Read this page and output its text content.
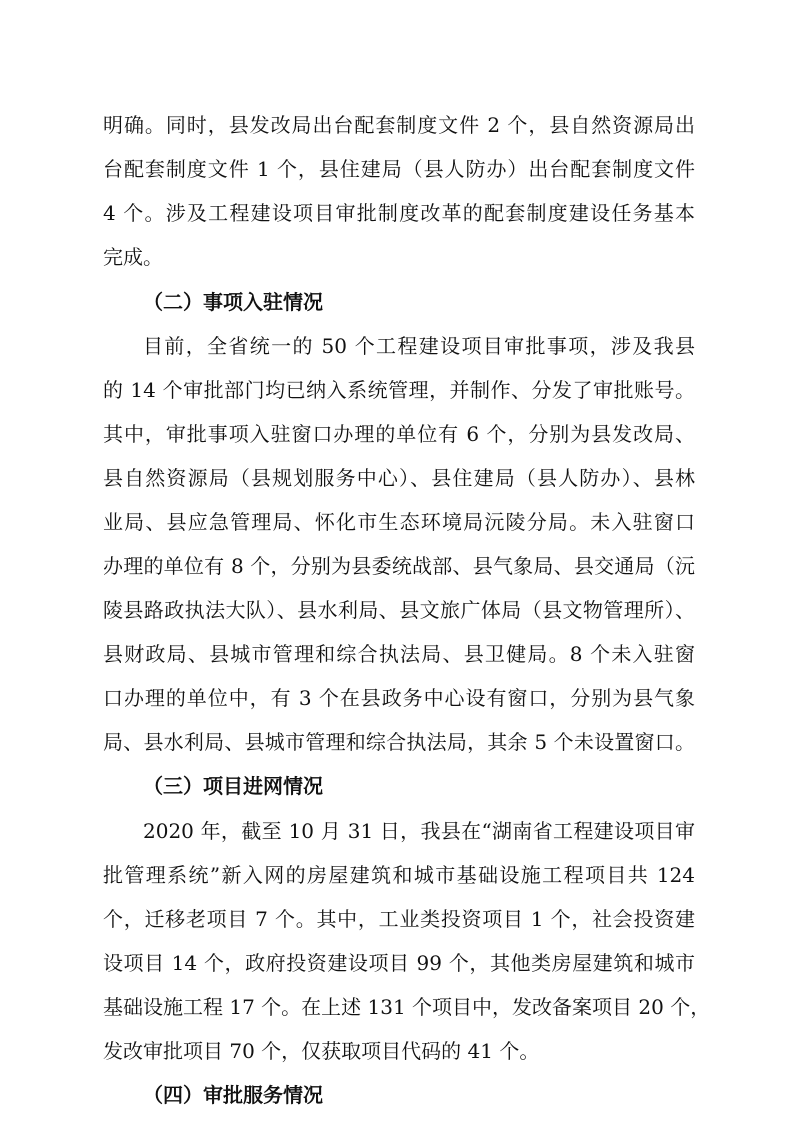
明确。同时，县发改局出台配套制度文件 2 个，县自然资源局出
台配套制度文件 1 个，县住建局（县人防办）出台配套制度文件
4 个。涉及工程建设项目审批制度改革的配套制度建设任务基本
完成。
（二）事项入驻情况
目前，全省统一的 50 个工程建设项目审批事项，涉及我县
的 14 个审批部门均已纳入系统管理，并制作、分发了审批账号。
其中，审批事项入驻窗口办理的单位有 6 个，分别为县发改局、
县自然资源局（县规划服务中心）、县住建局（县人防办）、县林
业局、县应急管理局、怀化市生态环境局沅陵分局。未入驻窗口
办理的单位有 8 个，分别为县委统战部、县气象局、县交通局（沅
陵县路政执法大队）、县水利局、县文旅广体局（县文物管理所）、
县财政局、县城市管理和综合执法局、县卫健局。8 个未入驻窗
口办理的单位中，有 3 个在县政务中心设有窗口，分别为县气象
局、县水利局、县城市管理和综合执法局，其余 5 个未设置窗口。
（三）项目进网情况
2020 年，截至 10 月 31 日，我县在“湖南省工程建设项目审
批管理系统”新入网的房屋建筑和城市基础设施工程项目共 124
个，迁移老项目 7 个。其中，工业类投资项目 1 个，社会投资建
设项目 14 个，政府投资建设项目 99 个，其他类房屋建筑和城市
基础设施工程 17 个。在上述 131 个项目中，发改备案项目 20 个，
发改审批项目 70 个，仅获取项目代码的 41 个。
（四）审批服务情况
